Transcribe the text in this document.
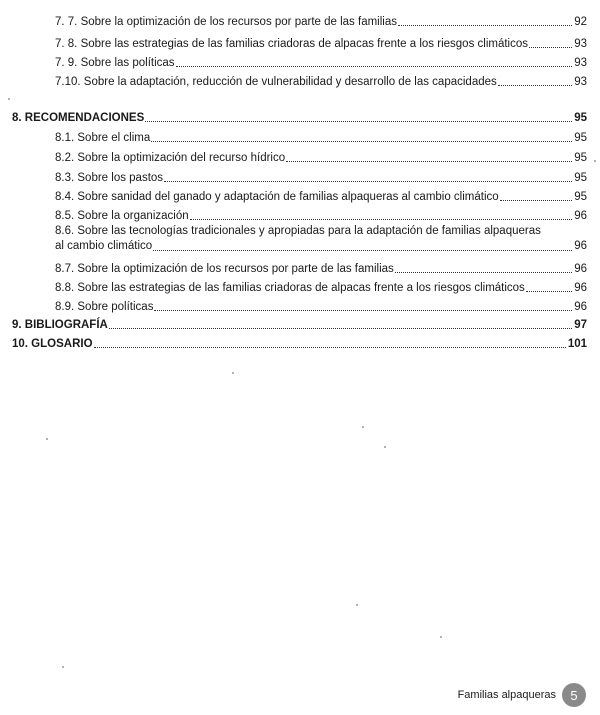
7. 7. Sobre la optimización de los recursos por parte de las familias	92
7. 8. Sobre las estrategias de las familias criadoras de alpacas frente a los riesgos climáticos	93
7. 9. Sobre las políticas	93
7.10. Sobre la adaptación, reducción de vulnerabilidad y desarrollo de las capacidades	93
8. RECOMENDACIONES	95
8.1. Sobre el clima	95
8.2. Sobre la optimización del recurso hídrico	95
8.3. Sobre los pastos	95
8.4. Sobre sanidad del ganado y adaptación de familias alpaqueras al cambio climático	95
8.5. Sobre la organización	96
8.6. Sobre las tecnologías tradicionales y apropiadas para la adaptación de familias alpaqueras
al cambio climático	96
8.7. Sobre la optimización de los recursos por parte de las familias	96
8.8. Sobre las estrategias de las familias criadoras de alpacas frente a los riesgos climáticos	96
8.9. Sobre políticas	96
9. BIBLIOGRAFÍA	97
10. GLOSARIO	101
Familias alpaqueras	5
